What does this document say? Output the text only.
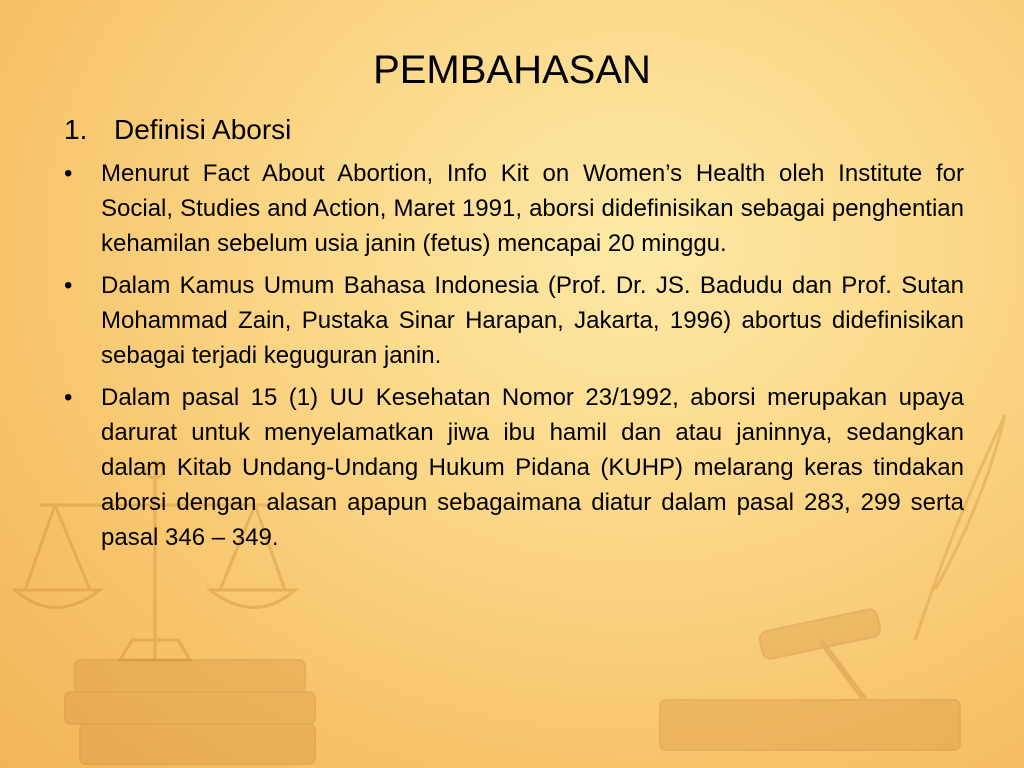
PEMBAHASAN
1. Definisi Aborsi
•	Menurut Fact About Abortion, Info Kit on Women’s Health oleh Institute for Social, Studies and Action, Maret 1991, aborsi didefinisikan sebagai penghentian kehamilan sebelum usia janin (fetus) mencapai 20 minggu.
•	Dalam Kamus Umum Bahasa Indonesia (Prof. Dr. JS. Badudu dan Prof. Sutan Mohammad Zain, Pustaka Sinar Harapan, Jakarta, 1996) abortus didefinisikan sebagai terjadi keguguran janin.
•	Dalam pasal 15 (1) UU Kesehatan Nomor 23/1992, aborsi merupakan upaya darurat untuk menyelamatkan jiwa ibu hamil dan atau janinnya, sedangkan dalam Kitab Undang-Undang Hukum Pidana (KUHP) melarang keras tindakan aborsi dengan alasan apapun sebagaimana diatur dalam pasal 283, 299 serta pasal 346 – 349.
